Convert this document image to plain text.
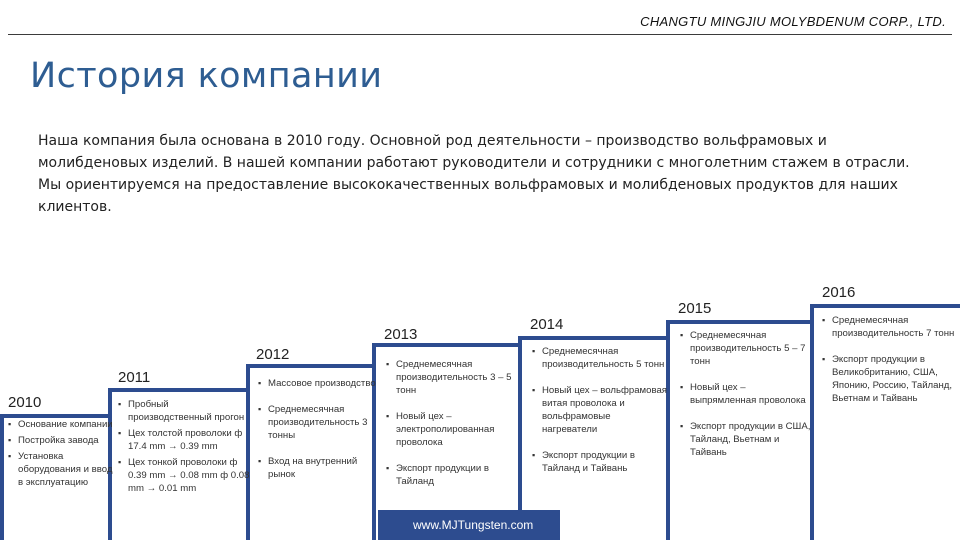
CHANGTU MINGJIU MOLYBDENUM CORP., LTD.
История компании

Наша компания была основана в 2010 году. Основной род деятельности – производство вольфрамовых и молибденовых изделий. В нашей компании работают руководители и сотрудники с многолетним стажем в отрасли. Мы ориентируемся на предоставление высококачественных вольфрамовых и молибденовых продуктов для наших клиентов.

www.MJTungsten.com
2010
2011
2012
2013
2014
2015
2016
▪ Основание компании
▪ Постройка завода
▪ Установка оборудования и ввод в эксплуатацию
▪ Пробный производственный прогон
▪ Цех толстой проволоки ф 17.4 mm → 0.39 mm
▪ Цех тонкой проволоки ф 0.39 mm → 0.08 mm ф 0.08 mm → 0.01 mm
▪ Массовое производство
▪ Среднемесячная производительность 3 тонны
▪ Вход на внутренний рынок
▪ Среднемесячная производительность 3 – 5 тонн
▪ Новый цех – электрополированная проволока
▪ Экспорт продукции в Тайланд
▪ Среднемесячная производительность 5 тонн
▪ Новый цех – вольфрамовая витая проволока и вольфрамовые нагреватели
▪ Экспорт продукции в Тайланд и Тайвань
▪ Среднемесячная производительность 5 – 7 тонн
▪ Новый цех – выпрямленная проволока
▪ Экспорт продукции в США, Тайланд, Вьетнам и Тайвань
▪ Среднемесячная производительность 7 тонн
▪ Экспорт продукции в Великобританию, США, Японию, Россию, Тайланд, Вьетнам и Тайвань
